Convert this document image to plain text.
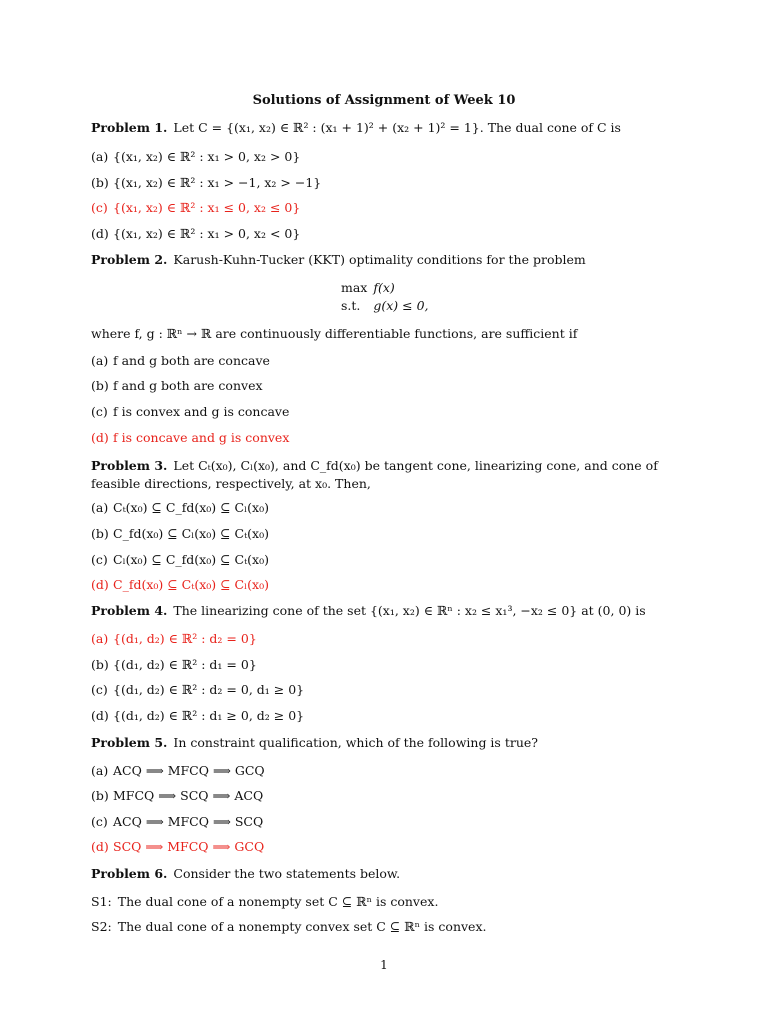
Solutions of Assignment of Week 10
Problem 1. Let C = {(x₁, x₂) ∈ ℝ² : (x₁ + 1)² + (x₂ + 1)² = 1}. The dual cone of C is
(a) {(x₁, x₂) ∈ ℝ² : x₁ > 0, x₂ > 0}
(b) {(x₁, x₂) ∈ ℝ² : x₁ > −1, x₂ > −1}
(c) {(x₁, x₂) ∈ ℝ² : x₁ ≤ 0, x₂ ≤ 0}
(d) {(x₁, x₂) ∈ ℝ² : x₁ > 0, x₂ < 0}
Problem 2. Karush-Kuhn-Tucker (KKT) optimality conditions for the problem
max	f(x)
s.t.	g(x) ≤ 0,
where f, g : ℝⁿ → ℝ are continuously differentiable functions, are sufficient if
(a) f and g both are concave
(b) f and g both are convex
(c) f is convex and g is concave
(d) f is concave and g is convex
Problem 3. Let Cₜ(x₀), Cₗ(x₀), and C_fd(x₀) be tangent cone, linearizing cone, and cone of feasible directions, respectively, at x₀. Then,
(a) Cₜ(x₀) ⊆ C_fd(x₀) ⊆ Cₗ(x₀)
(b) C_fd(x₀) ⊆ Cₗ(x₀) ⊆ Cₜ(x₀)
(c) Cₗ(x₀) ⊆ C_fd(x₀) ⊆ Cₜ(x₀)
(d) C_fd(x₀) ⊆ Cₜ(x₀) ⊆ Cₗ(x₀)
Problem 4. The linearizing cone of the set {(x₁, x₂) ∈ ℝⁿ : x₂ ≤ x₁³, −x₂ ≤ 0} at (0, 0) is
(a) {(d₁, d₂) ∈ ℝ² : d₂ = 0}
(b) {(d₁, d₂) ∈ ℝ² : d₁ = 0}
(c) {(d₁, d₂) ∈ ℝ² : d₂ = 0, d₁ ≥ 0}
(d) {(d₁, d₂) ∈ ℝ² : d₁ ≥ 0, d₂ ≥ 0}
Problem 5. In constraint qualification, which of the following is true?
(a) ACQ ⟹ MFCQ ⟹ GCQ
(b) MFCQ ⟹ SCQ ⟹ ACQ
(c) ACQ ⟹ MFCQ ⟹ SCQ
(d) SCQ ⟹ MFCQ ⟹ GCQ
Problem 6. Consider the two statements below.
S1: The dual cone of a nonempty set C ⊆ ℝⁿ is convex.
S2: The dual cone of a nonempty convex set C ⊆ ℝⁿ is convex.
1
